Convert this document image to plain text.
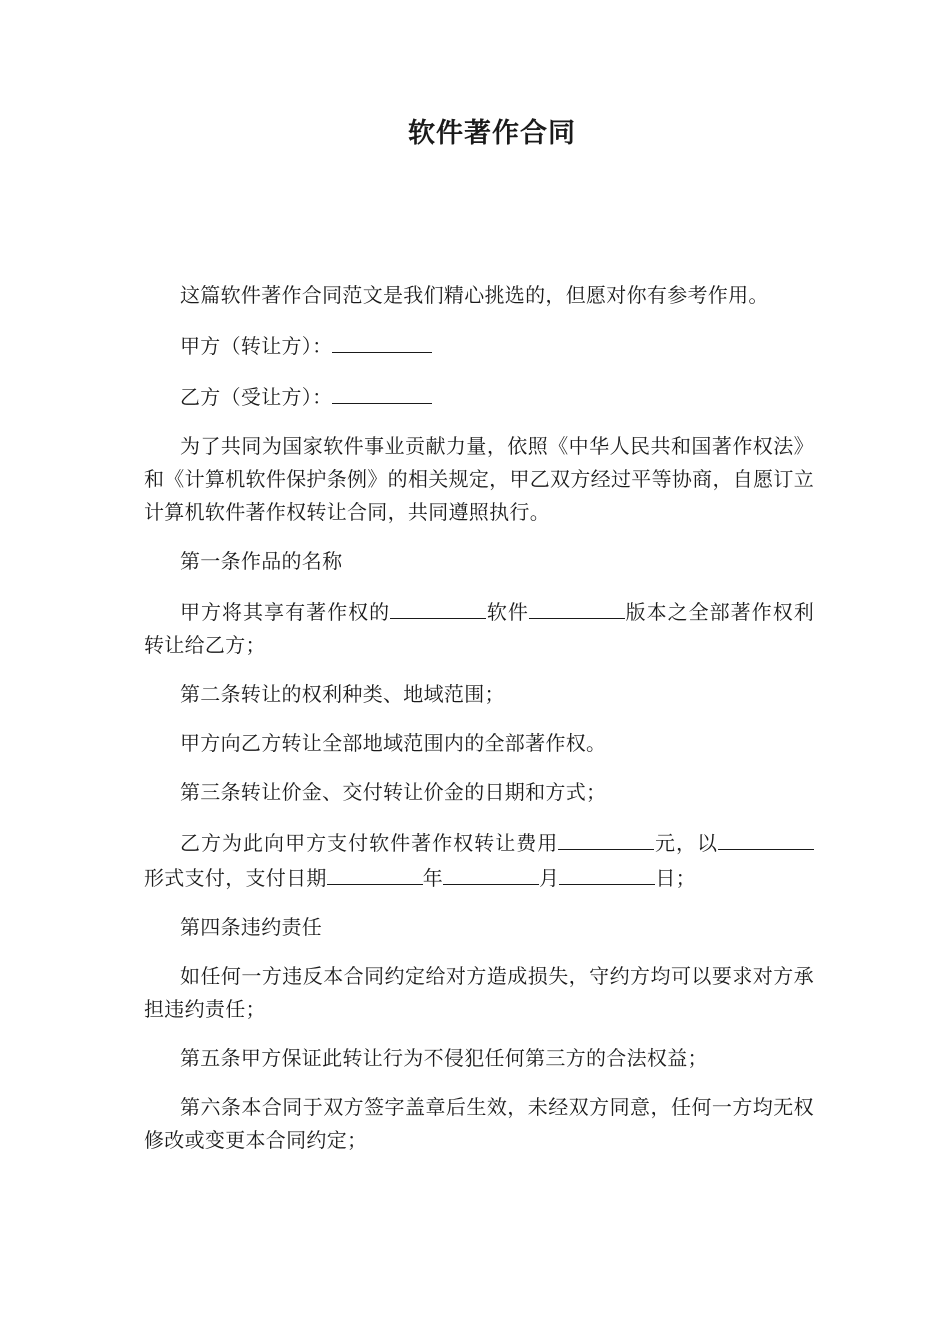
软件著作合同

这篇软件著作合同范文是我们精心挑选的，但愿对你有参考作用。

甲方（转让方）：

乙方（受让方）：

为了共同为国家软件事业贡献力量，依照《中华人民共和国著作权法》和《计算机软件保护条例》的相关规定，甲乙双方经过平等协商，自愿订立计算机软件著作权转让合同，共同遵照执行。

第一条作品的名称

甲方将其享有著作权的	软件	版本之全部著作权利转让给乙方；

第二条转让的权利种类、地域范围；

甲方向乙方转让全部地域范围内的全部著作权。

第三条转让价金、交付转让价金的日期和方式；

乙方为此向甲方支付软件著作权转让费用	元，以形式支付，支付日期	年	月	日；

第四条违约责任

如任何一方违反本合同约定给对方造成损失，守约方均可以要求对方承担违约责任；

第五条甲方保证此转让行为不侵犯任何第三方的合法权益；

第六条本合同于双方签字盖章后生效，未经双方同意，任何一方均无权修改或变更本合同约定；
